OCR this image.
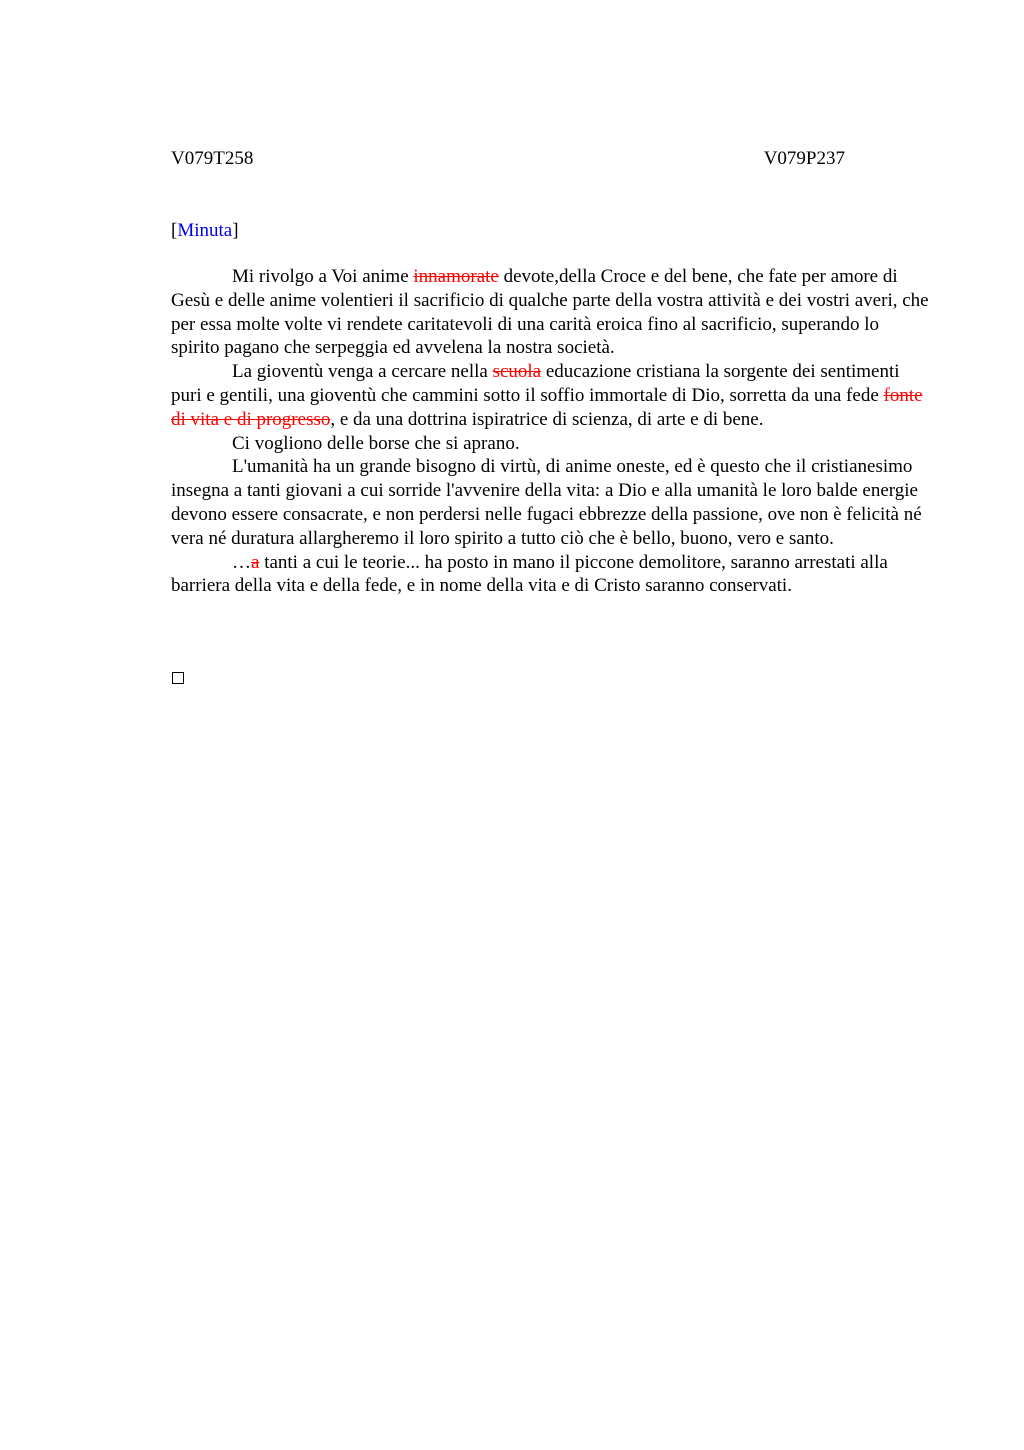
V079T258	V079P237
[Minuta]

Mi rivolgo a Voi anime innamorate devote,della Croce e del bene, che fate per amore di Gesù e delle anime volentieri il sacrificio di qualche parte della vostra attività e dei vostri averi, che per essa molte volte vi rendete caritatevoli di una carità eroica fino al sacrificio, superando lo spirito pagano che serpeggia ed avvelena la nostra società.

La gioventù venga a cercare nella scuola educazione cristiana la sorgente dei sentimenti puri e gentili, una gioventù che cammini sotto il soffio immortale di Dio, sorretta da una fede fonte di vita e di progresso, e da una dottrina ispiratrice di scienza, di arte e di bene.

Ci vogliono delle borse che si aprano.

L'umanità ha un grande bisogno di virtù, di anime oneste, ed è questo che il cristianesimo insegna a tanti giovani a cui sorride l'avvenire della vita: a Dio e alla umanità le loro balde energie devono essere consacrate, e non perdersi nelle fugaci ebbrezze della passione, ove non è felicità né vera né duratura allargheremo il loro spirito a tutto ciò che è bello, buono, vero e santo.

…a tanti a cui le teorie... ha posto in mano il piccone demolitore, saranno arrestati alla barriera della vita e della fede, e in nome della vita e di Cristo saranno conservati.
